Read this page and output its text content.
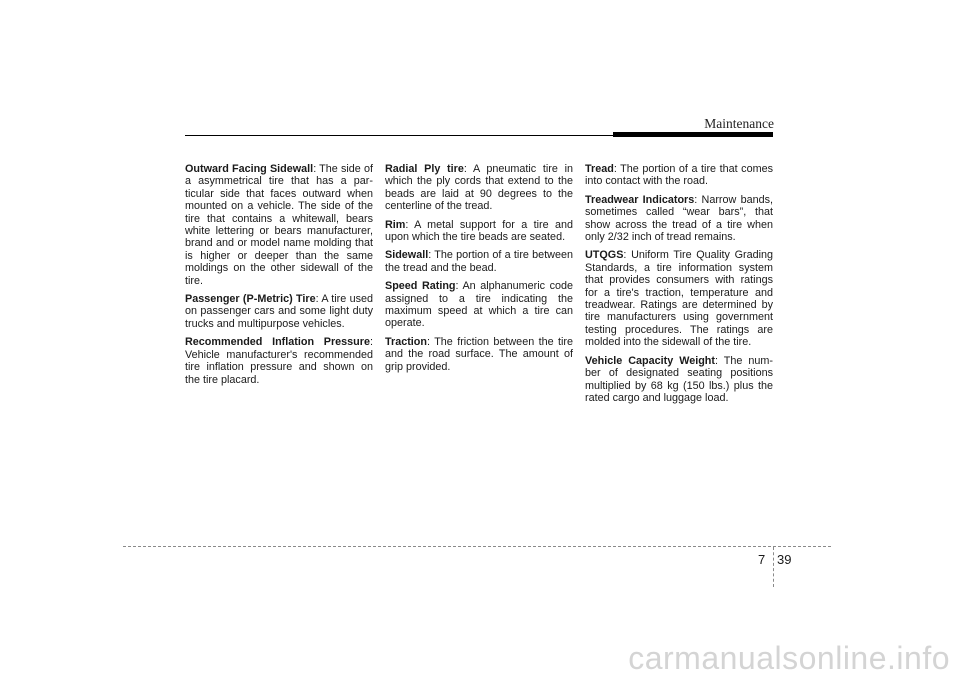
Maintenance

Outward Facing Sidewall: The side of a asymmetrical tire that has a particular side that faces outward when mounted on a vehicle. The side of the tire that contains a whitewall, bears white lettering or bears manufacturer, brand and or model name molding that is higher or deeper than the same moldings on the other sidewall of the tire.

Passenger (P-Metric) Tire: A tire used on passenger cars and some light duty trucks and multipurpose vehicles.

Recommended Inflation Pressure: Vehicle manufacturer's recommended tire inflation pressure and shown on the tire placard.

Radial Ply tire: A pneumatic tire in which the ply cords that extend to the beads are laid at 90 degrees to the centerline of the tread.

Rim: A metal support for a tire and upon which the tire beads are seated.

Sidewall: The portion of a tire between the tread and the bead.

Speed Rating: An alphanumeric code assigned to a tire indicating the maximum speed at which a tire can operate.

Traction: The friction between the tire and the road surface. The amount of grip provided.

Tread: The portion of a tire that comes into contact with the road.

Treadwear Indicators: Narrow bands, sometimes called “wear bars”, that show across the tread of a tire when only 2/32 inch of tread remains.

UTQGS: Uniform Tire Quality Grading Standards, a tire information system that provides consumers with ratings for a tire's traction, temperature and treadwear. Ratings are determined by tire manufacturers using government testing procedures. The ratings are molded into the sidewall of the tire.

Vehicle Capacity Weight: The number of designated seating positions multiplied by 68 kg (150 lbs.) plus the rated cargo and luggage load.

7 39
carmanualsonline.info
